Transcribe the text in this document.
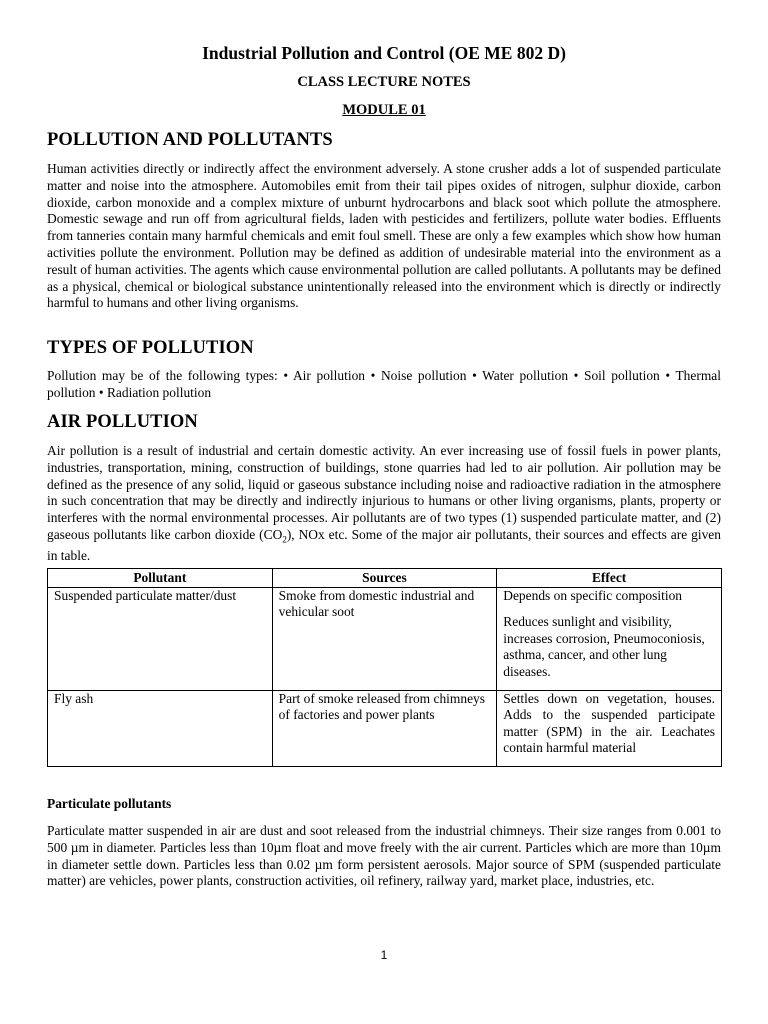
Industrial Pollution and Control (OE ME 802 D)
CLASS LECTURE NOTES
MODULE 01
POLLUTION AND POLLUTANTS

Human activities directly or indirectly affect the environment adversely. A stone crusher adds a lot of suspended particulate matter and noise into the atmosphere. Automobiles emit from their tail pipes oxides of nitrogen, sulphur dioxide, carbon dioxide, carbon monoxide and a complex mixture of unburnt hydrocarbons and black soot which pollute the atmosphere. Domestic sewage and run off from agricultural fields, laden with pesticides and fertilizers, pollute water bodies. Effluents from tanneries contain many harmful chemicals and emit foul smell. These are only a few examples which show how human activities pollute the environment. Pollution may be defined as addition of undesirable material into the environment as a result of human activities. The agents which cause environmental pollution are called pollutants. A pollutants may be defined as a physical, chemical or biological substance unintentionally released into the environment which is directly or indirectly harmful to humans and other living organisms.

TYPES OF POLLUTION

Pollution may be of the following types: • Air pollution • Noise pollution • Water pollution • Soil pollution • Thermal pollution • Radiation pollution

AIR POLLUTION

Air pollution is a result of industrial and certain domestic activity. An ever increasing use of fossil fuels in power plants, industries, transportation, mining, construction of buildings, stone quarries had led to air pollution. Air pollution may be defined as the presence of any solid, liquid or gaseous substance including noise and radioactive radiation in the atmosphere in such concentration that may be directly and indirectly injurious to humans or other living organisms, plants, property or interferes with the normal environmental processes. Air pollutants are of two types (1) suspended particulate matter, and (2) gaseous pollutants like carbon dioxide $(CO_2)$, NOx etc. Some of the major air pollutants, their sources and effects are given in table.

Pollutant	Sources	Effect
Suspended particulate matter/dust	Smoke from domestic industrial and vehicular soot	Depends on specific composition
Reduces sunlight and visibility, increases corrosion, Pneumoconiosis, asthma, cancer, and other lung diseases.

Fly ash	Part of smoke released from chimneys of factories and power plants	Settles down on vegetation, houses. Adds to the suspended participate matter (SPM) in the air. Leachates contain harmful material
Particulate pollutants

Particulate matter suspended in air are dust and soot released from the industrial chimneys. Their size ranges from 0.001 to 500 µm in diameter. Particles less than 10µm float and move freely with the air current. Particles which are more than 10µm in diameter settle down. Particles less than 0.02 µm form persistent aerosols. Major source of SPM (suspended particulate matter) are vehicles, power plants, construction activities, oil refinery, railway yard, market place, industries, etc.

1
